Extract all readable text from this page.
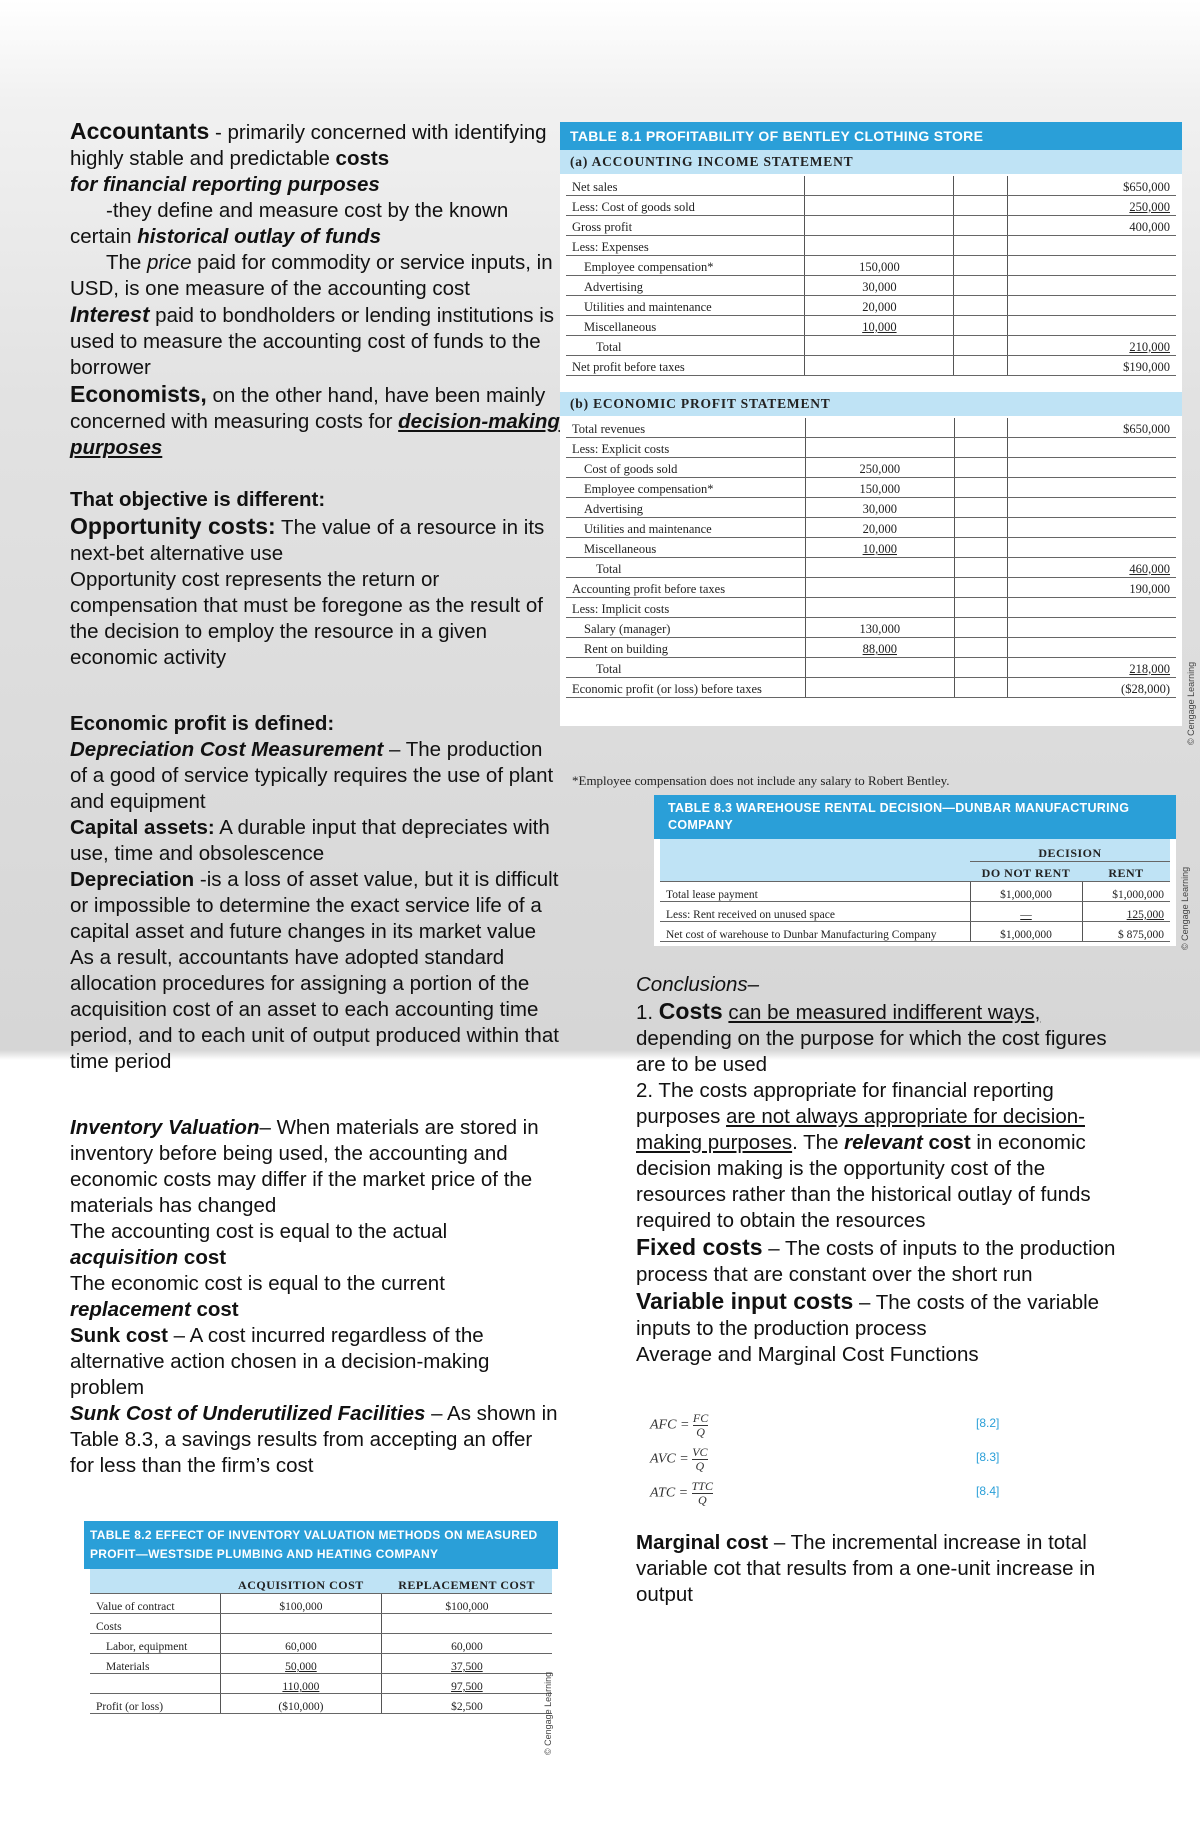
Accountants - primarily concerned with identifying highly stable and predictable costs
for financial reporting purposes

-they define and measure cost by the known certain historical outlay of funds

The price paid for commodity or service inputs, in USD, is one measure of the accounting cost

Interest paid to bondholders or lending institutions is used to measure the accounting cost of funds to the borrower

Economists, on the other hand, have been mainly concerned with measuring costs for decision-making purposes

That objective is different:

Opportunity costs: The value of a resource in its next-bet alternative use

Opportunity cost represents the return or compensation that must be foregone as the result of the decision to employ the resource in a given economic activity

Economic profit is defined:

Depreciation Cost Measurement – The production of a good of service typically requires the use of plant and equipment

Capital assets: A durable input that depreciates with use, time and obsolescence

Depreciation -is a loss of asset value, but it is difficult or impossible to determine the exact service life of a capital asset and future changes in its market value

As a result, accountants have adopted standard allocation procedures for assigning a portion of the acquisition cost of an asset to each accounting time period, and to each unit of output produced within that time period

Inventory Valuation– When materials are stored in inventory before being used, the accounting and economic costs may differ if the market price of the materials has changed

The accounting cost is equal to the actual acquisition cost

The economic cost is equal to the current replacement cost

Sunk cost – A cost incurred regardless of the alternative action chosen in a decision-making problem

Sunk Cost of Underutilized Facilities – As shown in Table 8.3, a savings results from accepting an offer for less than the firm’s cost

TABLE 8.1 PROFITABILITY OF BENTLEY CLOTHING STORE
(a) ACCOUNTING INCOME STATEMENT
Net sales			$650,000
Less: Cost of goods sold			250,000
Gross profit			400,000
Less: Expenses			
Employee compensation*	150,000		
Advertising	30,000		
Utilities and maintenance	20,000		
Miscellaneous	10,000		
Total			210,000
Net profit before taxes			$190,000
(b) ECONOMIC PROFIT STATEMENT
Total revenues			$650,000
Less: Explicit costs			
Cost of goods sold	250,000		
Employee compensation*	150,000		
Advertising	30,000		
Utilities and maintenance	20,000		
Miscellaneous	10,000		
Total			460,000
Accounting profit before taxes			190,000
Less: Implicit costs			
Salary (manager)	130,000		
Rent on building	88,000		
Total			218,000
Economic profit (or loss) before taxes			($28,000)
*Employee compensation does not include any salary to Robert Bentley.
© Cengage Learning
TABLE 8.3 WAREHOUSE RENTAL DECISION—DUNBAR MANUFACTURING COMPANY
	DECISION	
	DO NOT RENT	RENT
Total lease payment	$1,000,000	$1,000,000
Less: Rent received on unused space	—	125,000
Net cost of warehouse to Dunbar Manufacturing Company	$1,000,000	$ 875,000 © Cengage Learning

Conclusions–

1. Costs can be measured indifferent ways, depending on the purpose for which the cost figures are to be used

2. The costs appropriate for financial reporting purposes are not always appropriate for decision-making purposes. The relevant cost in economic decision making is the opportunity cost of the resources rather than the historical outlay of funds required to obtain the resources

Fixed costs – The costs of inputs to the production process that are constant over the short run

Variable input costs – The costs of the variable inputs to the production process

Average and Marginal Cost Functions

AFC = $\frac{FC}{Q}$	[8.2]
AVC = $\frac{VC}{Q}$	[8.3]
ATC = $\frac{\text{TTC}}{Q}$	[8.4]

Marginal cost – The incremental increase in total variable cot that results from a one-unit increase in output

TABLE 8.2 EFFECT OF INVENTORY VALUATION METHODS ON MEASURED PROFIT—WESTSIDE PLUMBING AND HEATING COMPANY
	ACQUISITION COST	REPLACEMENT COST
Value of contract	$100,000	$100,000
Costs		
Labor, equipment	60,000	60,000
Materials	50,000	37,500
	110,000	97,500
Profit (or loss)	($10,000)	$2,500	© Cengage Learning
